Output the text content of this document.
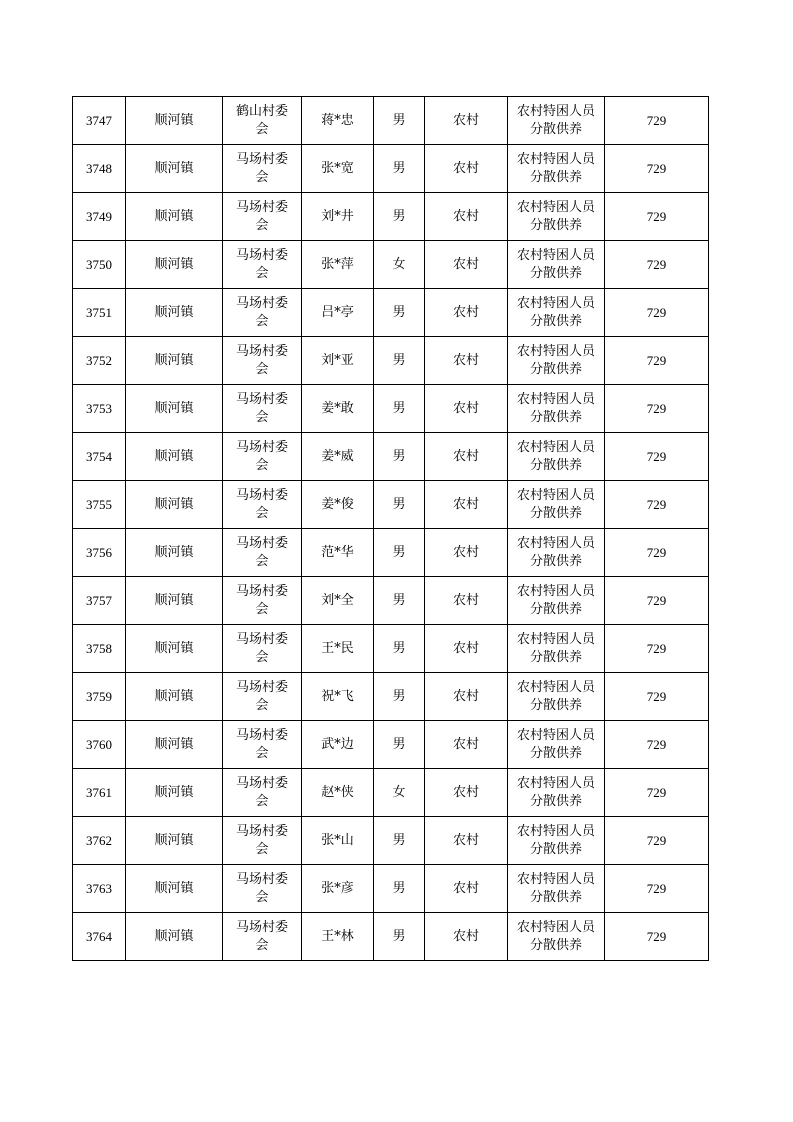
3747	顺河镇	鹤山村委会	蒋*忠	男	农村	农村特困人员分散供养	729
3748	顺河镇	马场村委会	张*宽	男	农村	农村特困人员分散供养	729
3749	顺河镇	马场村委会	刘*井	男	农村	农村特困人员分散供养	729
3750	顺河镇	马场村委会	张*萍	女	农村	农村特困人员分散供养	729
3751	顺河镇	马场村委会	吕*亭	男	农村	农村特困人员分散供养	729
3752	顺河镇	马场村委会	刘*亚	男	农村	农村特困人员分散供养	729
3753	顺河镇	马场村委会	姜*敢	男	农村	农村特困人员分散供养	729
3754	顺河镇	马场村委会	姜*威	男	农村	农村特困人员分散供养	729
3755	顺河镇	马场村委会	姜*俊	男	农村	农村特困人员分散供养	729
3756	顺河镇	马场村委会	范*华	男	农村	农村特困人员分散供养	729
3757	顺河镇	马场村委会	刘*全	男	农村	农村特困人员分散供养	729
3758	顺河镇	马场村委会	王*民	男	农村	农村特困人员分散供养	729
3759	顺河镇	马场村委会	祝*飞	男	农村	农村特困人员分散供养	729
3760	顺河镇	马场村委会	武*边	男	农村	农村特困人员分散供养	729
3761	顺河镇	马场村委会	赵*侠	女	农村	农村特困人员分散供养	729
3762	顺河镇	马场村委会	张*山	男	农村	农村特困人员分散供养	729
3763	顺河镇	马场村委会	张*彦	男	农村	农村特困人员分散供养	729
3764	顺河镇	马场村委会	王*林	男	农村	农村特困人员分散供养	729
